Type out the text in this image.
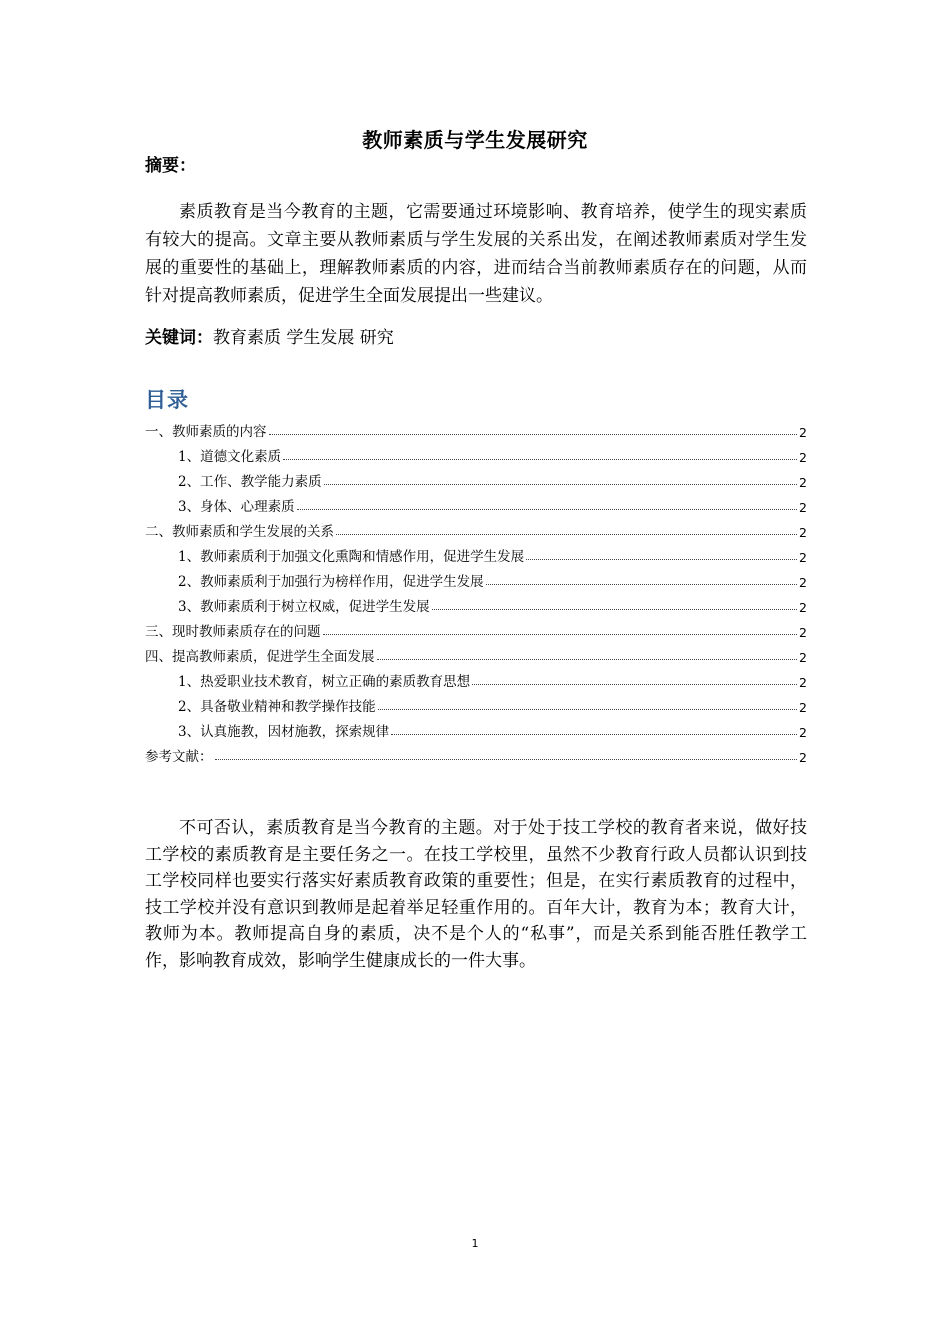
教师素质与学生发展研究
摘要：
素质教育是当今教育的主题，它需要通过环境影响、教育培养，使学生的现实素质有较大的提高。文章主要从教师素质与学生发展的关系出发，在阐述教师素质对学生发展的重要性的基础上，理解教师素质的内容，进而结合当前教师素质存在的问题，从而针对提高教师素质，促进学生全面发展提出一些建议。
关键词：教育素质 学生发展 研究
目录
一、教师素质的内容	2
1、道德文化素质	2
2、工作、教学能力素质	2
3、身体、心理素质	2
二、教师素质和学生发展的关系	2
1、教师素质利于加强文化熏陶和情感作用，促进学生发展	2
2、教师素质利于加强行为榜样作用，促进学生发展	2
3、教师素质利于树立权威，促进学生发展	2
三、现时教师素质存在的问题	2
四、提高教师素质，促进学生全面发展	2
1、热爱职业技术教育，树立正确的素质教育思想	2
2、具备敬业精神和教学操作技能	2
3、认真施教，因材施教，探索规律	2
参考文献：	2
不可否认，素质教育是当今教育的主题。对于处于技工学校的教育者来说，做好技工学校的素质教育是主要任务之一。在技工学校里，虽然不少教育行政人员都认识到技工学校同样也要实行落实好素质教育政策的重要性；但是，在实行素质教育的过程中，技工学校并没有意识到教师是起着举足轻重作用的。百年大计，教育为本；教育大计，教师为本。教师提高自身的素质，决不是个人的“私事”，而是关系到能否胜任教学工作，影响教育成效，影响学生健康成长的一件大事。
1
